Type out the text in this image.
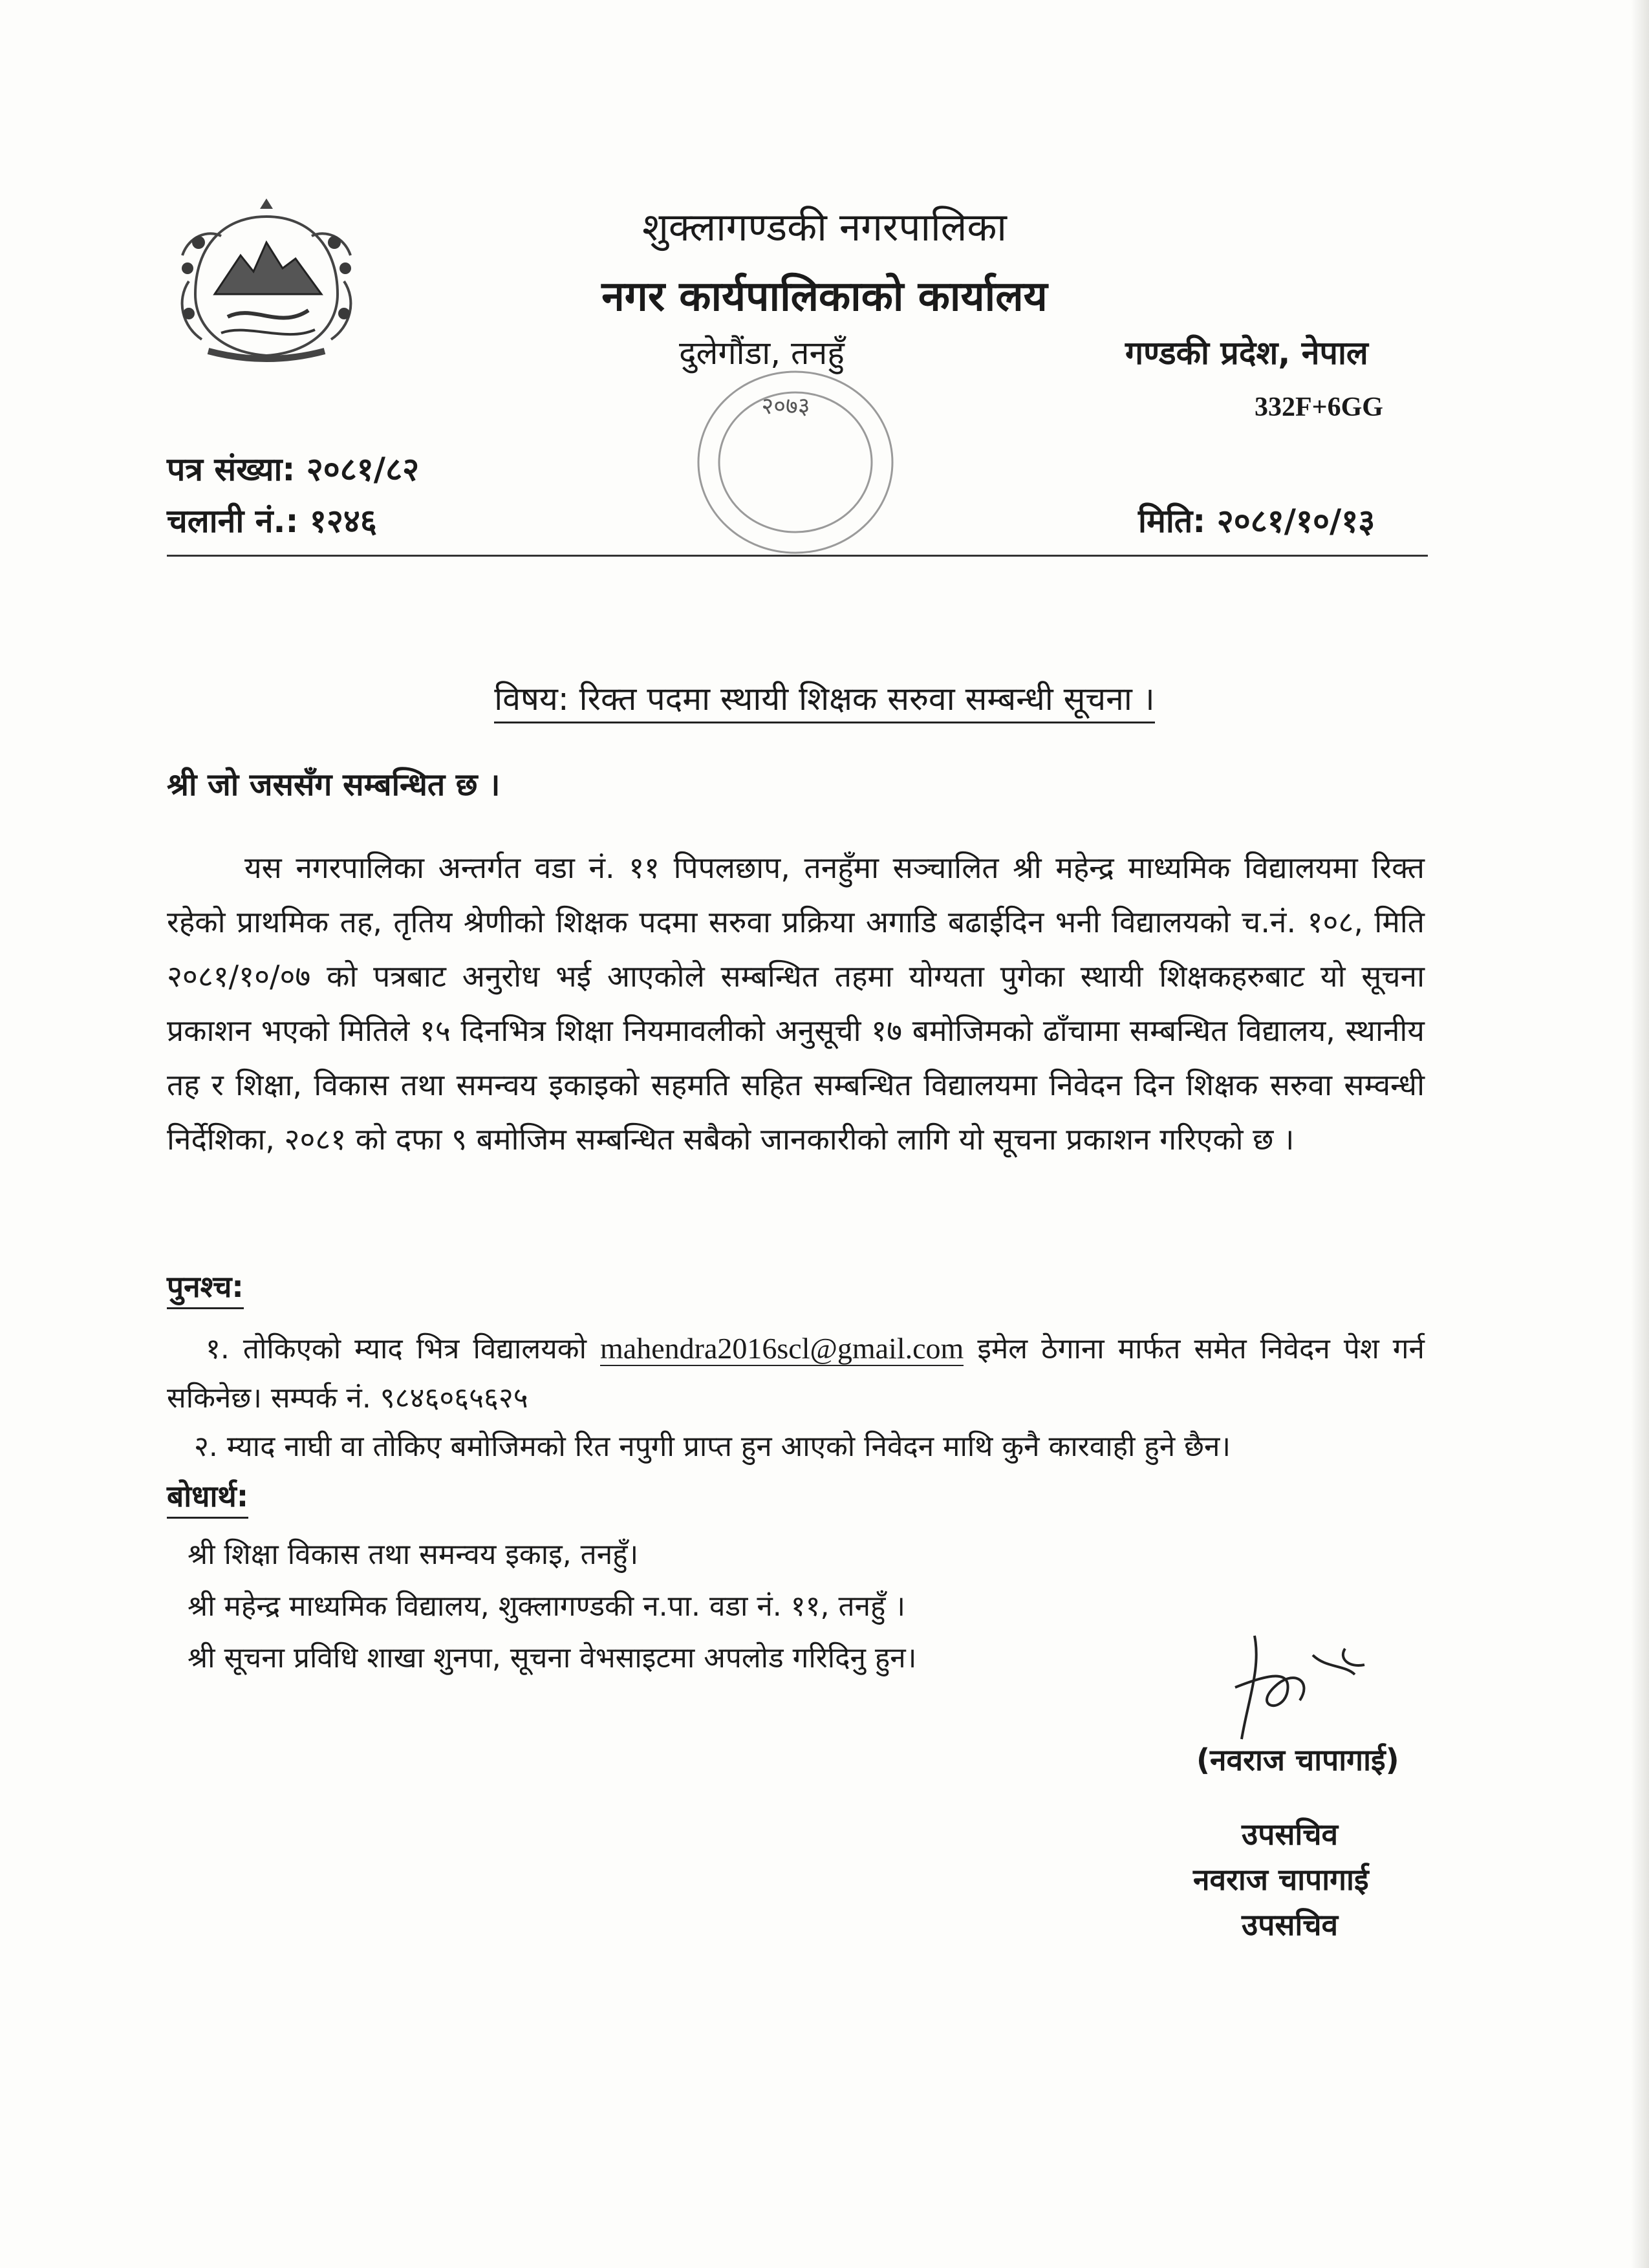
शुक्लागण्डकी नगरपालिका
नगर कार्यपालिकाको कार्यालय
दुलेगौंडा, तनहुँ	गण्डकी प्रदेश, नेपाल
332F+6GG
२०७३
पत्र संख्या: २०८१/८२
चलानी नं.: १२४६	मिति: २०८१/१०/१३
विषय: रिक्त पदमा स्थायी शिक्षक सरुवा सम्बन्धी सूचना ।
श्री जो जससँग सम्बन्धित छ ।
यस नगरपालिका अन्तर्गत वडा नं. ११ पिपलछाप, तनहुँमा सञ्चालित श्री महेन्द्र माध्यमिक विद्यालयमा रिक्त रहेको प्राथमिक तह, तृतिय श्रेणीको शिक्षक पदमा सरुवा प्रक्रिया अगाडि बढाईदिन भनी विद्यालयको च.नं. १०८, मिति २०८१/१०/०७ को पत्रबाट अनुरोध भई आएकोले सम्बन्धित तहमा योग्यता पुगेका स्थायी शिक्षकहरुबाट यो सूचना प्रकाशन भएको मितिले १५ दिनभित्र शिक्षा नियमावलीको अनुसूची १७ बमोजिमको ढाँचामा सम्बन्धित विद्यालय, स्थानीय तह र शिक्षा, विकास तथा समन्वय इकाइको सहमति सहित सम्बन्धित विद्यालयमा निवेदन दिन शिक्षक सरुवा सम्वन्धी निर्देशिका, २०८१ को दफा ९ बमोजिम सम्बन्धित सबैको जानकारीको लागि यो सूचना प्रकाशन गरिएको छ ।
पुनश्च:
१. तोकिएको म्याद भित्र विद्यालयको mahendra2016scl@gmail.com इमेल ठेगाना मार्फत समेत निवेदन पेश गर्न सकिनेछ। सम्पर्क नं. ९८४६०६५६२५
२. म्याद नाघी वा तोकिए बमोजिमको रित नपुगी प्राप्त हुन आएको निवेदन माथि कुनै कारवाही हुने छैन।
बोधार्थ:
श्री शिक्षा विकास तथा समन्वय इकाइ, तनहुँ।
श्री महेन्द्र माध्यमिक विद्यालय, शुक्लागण्डकी न.पा. वडा नं. ११, तनहुँ ।
श्री सूचना प्रविधि शाखा शुनपा, सूचना वेभसाइटमा अपलोड गरिदिनु हुन।
(नवराज चापागाई)
उपसचिव
नवराज चापागाई
उपसचिव
